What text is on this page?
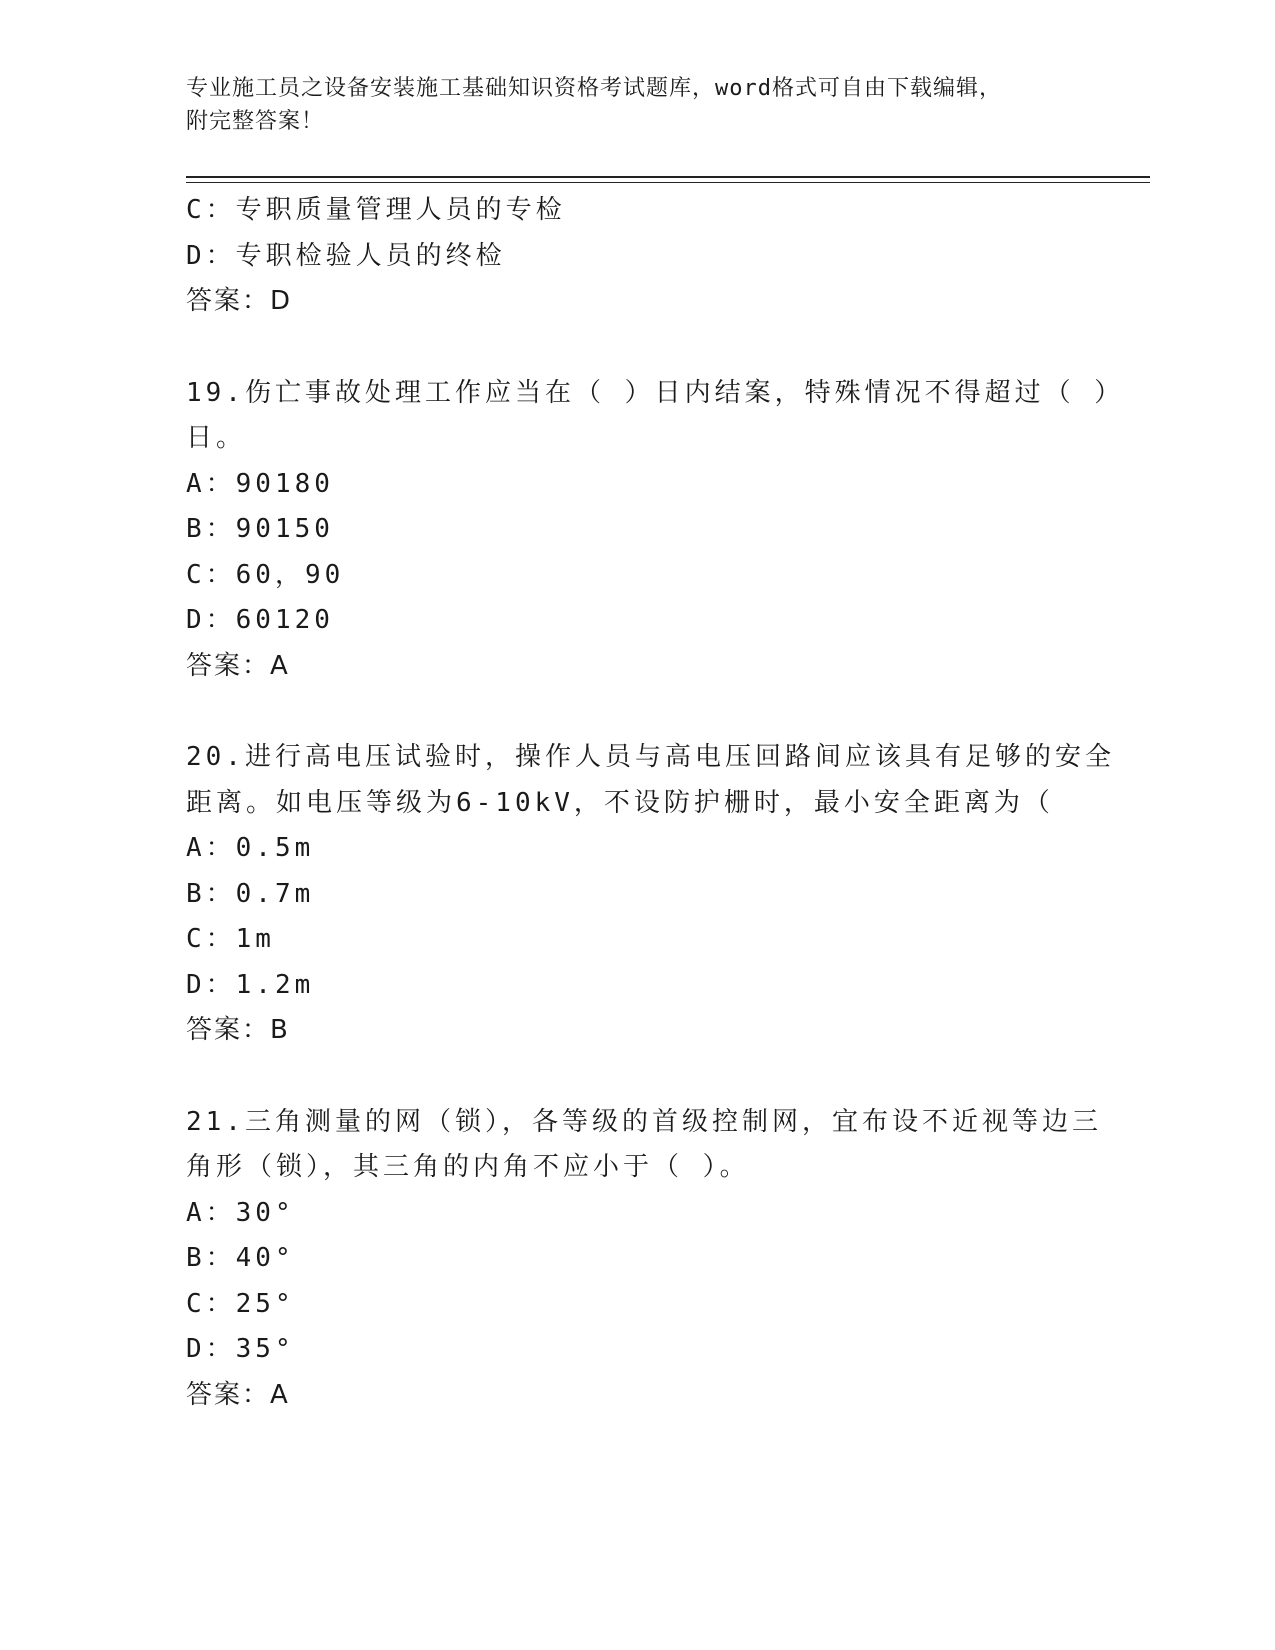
专业施工员之设备安装施工基础知识资格考试题库，word格式可自由下载编辑，
附完整答案！
C：专职质量管理人员的专检
D：专职检验人员的终检
答案：D
19.伤亡事故处理工作应当在（ ）日内结案，特殊情况不得超过（ ）
日。
A：90180
B：90150
C：60，90
D：60120
答案：A
20.进行高电压试验时，操作人员与高电压回路间应该具有足够的安全
距离。如电压等级为6-10kV，不设防护栅时，最小安全距离为（
A：0.5m
B：0.7m
C：1m
D：1.2m
答案：B
21.三角测量的网（锁），各等级的首级控制网，宜布设不近视等边三
角形（锁），其三角的内角不应小于（ ）。
A：30°
B：40°
C：25°
D：35°
答案：A
